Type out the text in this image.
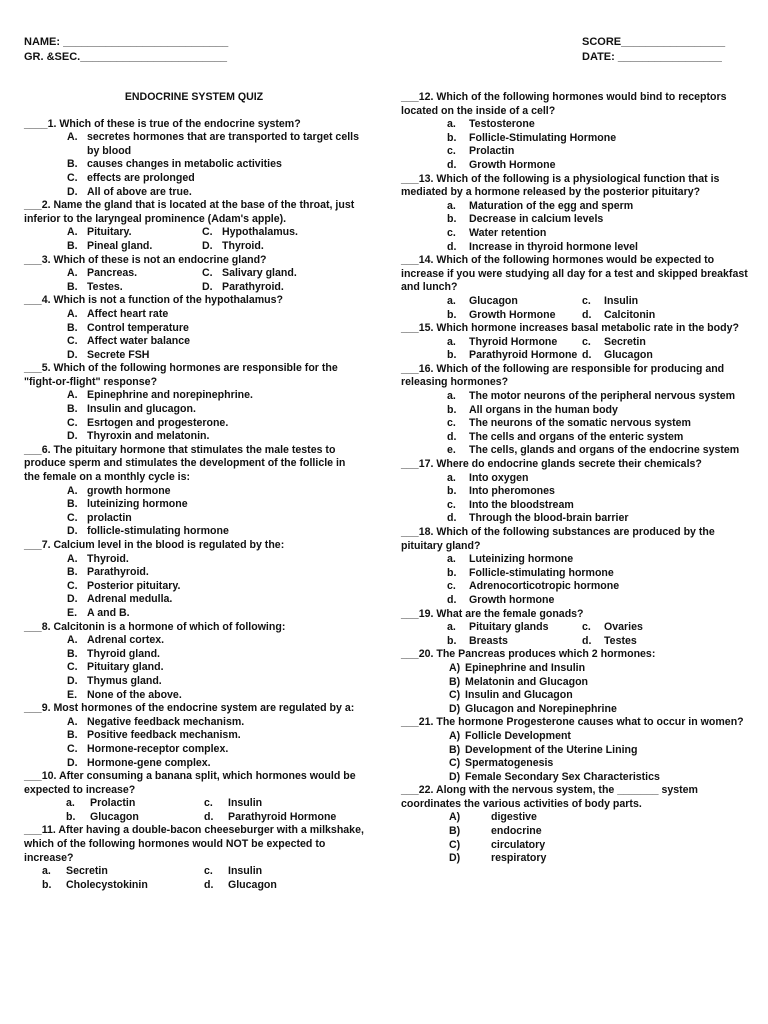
NAME: ___________________________
GR. &SEC.________________________
SCORE_________________
DATE: _________________
ENDOCRINE SYSTEM QUIZ
____1. Which of these is true of the endocrine system?
A. secretes hormones that are transported to target cells by blood
B. causes changes in metabolic activities
C. effects are prolonged
D. All of above are true.
___2. Name the gland that is located at the base of the throat, just inferior to the laryngeal prominence (Adam's apple).
A. Pituitary.	C. Hypothalamus.
B. Pineal gland.	D. Thyroid.
___3. Which of these is not an endocrine gland?
A. Pancreas.	C. Salivary gland.
B. Testes.	D. Parathyroid.
___4. Which is not a function of the hypothalamus?
A. Affect heart rate
B. Control temperature
C. Affect water balance
D. Secrete FSH
___5. Which of the following hormones are responsible for the "fight-or-flight" response?
A. Epinephrine and norepinephrine.
B. Insulin and glucagon.
C. Esrtogen and progesterone.
D. Thyroxin and melatonin.
___6. The pituitary hormone that stimulates the male testes to produce sperm and stimulates the development of the follicle in the female on a monthly cycle is:
A. growth hormone
B. luteinizing hormone
C. prolactin
D. follicle-stimulating hormone
___7. Calcium level in the blood is regulated by the:
A. Thyroid.
B. Parathyroid.
C. Posterior pituitary.
D. Adrenal medulla.
E. A and B.
___8. Calcitonin is a hormone of which of following:
A. Adrenal cortex.
B. Thyroid gland.
C. Pituitary gland.
D. Thymus gland.
E. None of the above.
___9. Most hormones of the endocrine system are regulated by a:
A. Negative feedback mechanism.
B. Positive feedback mechanism.
C. Hormone-receptor complex.
D. Hormone-gene complex.
___10. After consuming a banana split, which hormones would be expected to increase?
a.	Prolactin	c.	Insulin
b.	Glucagon	d.	Parathyroid Hormone
___11. After having a double-bacon cheeseburger with a milkshake, which of the following hormones would NOT be expected to increase?
a.	Secretin	c.	Insulin
b.	Cholecystokinin	d.	Glucagon
___12. Which of the following hormones would bind to receptors located on the inside of a cell?
a.	Testosterone
b.	Follicle-Stimulating Hormone
c.	Prolactin
d.	Growth Hormone
___13. Which of the following is a physiological function that is mediated by a hormone released by the posterior pituitary?
a.	Maturation of the egg and sperm
b.	Decrease in calcium levels
c.	Water retention
d.	Increase in thyroid hormone level
___14. Which of the following hormones would be expected to increase if you were studying all day for a test and skipped breakfast and lunch?
a.	Glucagon	c.	Insulin
b.	Growth Hormone d.	Calcitonin
___15. Which hormone increases basal metabolic rate in the body?
a.	Thyroid Hormone c.	Secretin
b.	Parathyroid Hormone d.	Glucagon
___16. Which of the following are responsible for producing and releasing hormones?
a.	The motor neurons of the peripheral nervous system
b.	All organs in the human body
c.	The neurons of the somatic nervous system
d.	The cells and organs of the enteric system
e.	The cells, glands and organs of the endocrine system
___17. Where do endocrine glands secrete their chemicals?
a.	Into oxygen
b.	Into pheromones
c.	Into the bloodstream
d.	Through the blood-brain barrier
___18. Which of the following substances are produced by the pituitary gland?
a.	Luteinizing hormone
b.	Follicle-stimulating hormone
c.	Adrenocorticotropic hormone
d.	Growth hormone
___19. What are the female gonads?
a.	Pituitary glands	c.	Ovaries
b.	Breasts	d.	Testes
___20. The Pancreas produces which 2 hormones:
A) Epinephrine and Insulin
B) Melatonin and Glucagon
C) Insulin and Glucagon
D) Glucagon and Norepinephrine
___21. The hormone Progesterone causes what to occur in women?
A) Follicle Development
B) Development of the Uterine Lining
C) Spermatogenesis
D) Female Secondary Sex Characteristics
___22. Along with the nervous system, the _______ system coordinates the various activities of body parts.
A)	digestive
B)	endocrine
C)	circulatory
D)	respiratory
